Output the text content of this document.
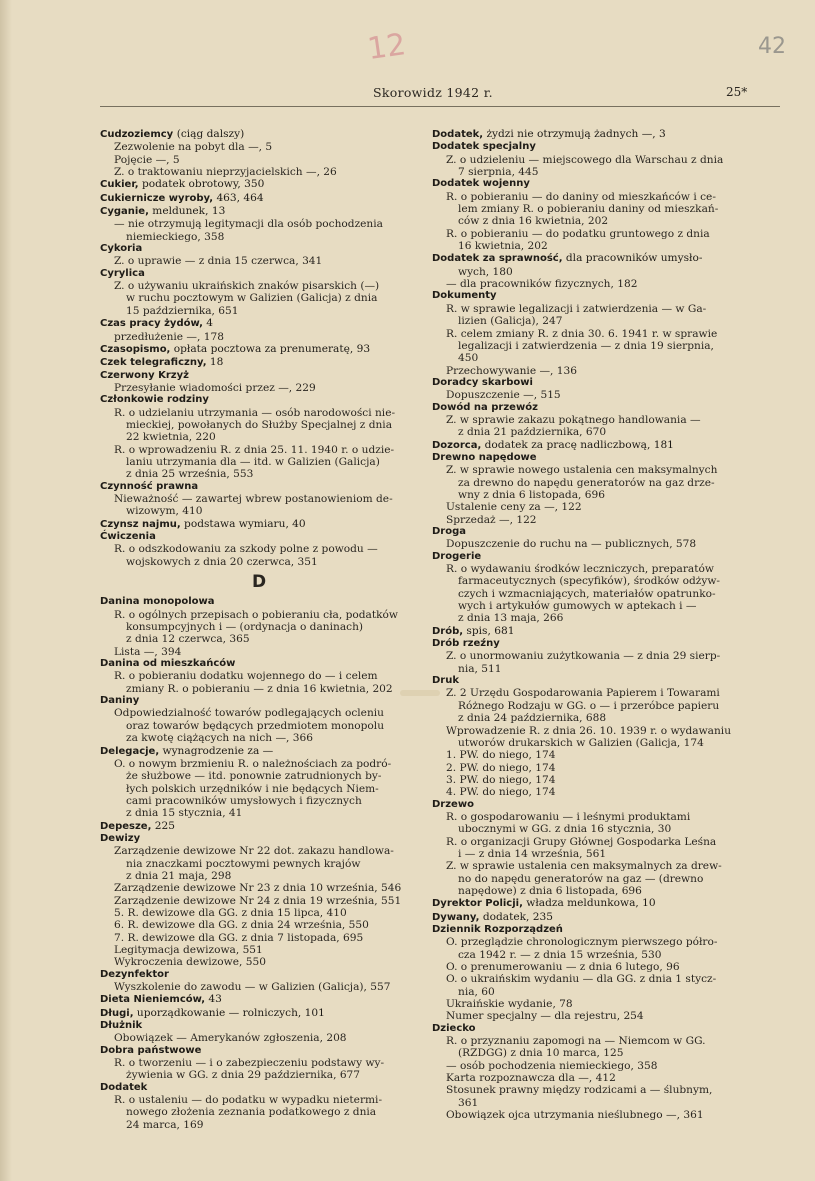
12	42
Skorowidz 1942 r.	25*
Cudzoziemcy (ciąg dalszy)
Zezwolenie na pobyt dla —, 5
Pojęcie —, 5
Z. o traktowaniu nieprzyjacielskich —, 26
Cukier, podatek obrotowy, 350
Cukiernicze wyroby, 463, 464
Cyganie, meldunek, 13
— nie otrzymują legitymacji dla osób pochodzenia
niemieckiego, 358
Cykoria
Z. o uprawie — z dnia 15 czerwca, 341
Cyrylica
Z. o używaniu ukraińskich znaków pisarskich (—)
w ruchu pocztowym w Galizien (Galicja) z dnia
15 października, 651
Czas pracy żydów, 4
przedłużenie —, 178
Czasopismo, opłata pocztowa za prenumeratę, 93
Czek telegraficzny, 18
Czerwony Krzyż
Przesyłanie wiadomości przez —, 229
Członkowie rodziny
R. o udzielaniu utrzymania — osób narodowości nie-
mieckiej, powołanych do Służby Specjalnej z dnia
22 kwietnia, 220
R. o wprowadzeniu R. z dnia 25. 11. 1940 r. o udzie-
laniu utrzymania dla — itd. w Galizien (Galicja)
z dnia 25 września, 553
Czynność prawna
Nieważność — zawartej wbrew postanowieniom de-
wizowym, 410
Czynsz najmu, podstawa wymiaru, 40
Ćwiczenia
R. o odszkodowaniu za szkody polne z powodu —
wojskowych z dnia 20 czerwca, 351
D
Danina monopolowa
R. o ogólnych przepisach o pobieraniu cła, podatków
konsumpcyjnych i — (ordynacja o daninach)
z dnia 12 czerwca, 365
Lista —, 394
Danina od mieszkańców
R. o pobieraniu dodatku wojennego do — i celem
zmiany R. o pobieraniu — z dnia 16 kwietnia, 202
Daniny
Odpowiedzialność towarów podlegających ocleniu
oraz towarów będących przedmiotem monopolu
za kwotę ciążących na nich —, 366
Delegacje, wynagrodzenie za —
O. o nowym brzmieniu R. o należnościach za podró-
że służbowe — itd. ponownie zatrudnionych by-
łych polskich urzędników i nie będących Niem-
cami pracowników umysłowych i fizycznych
z dnia 15 stycznia, 41
Depesze, 225
Dewizy
Zarządzenie dewizowe Nr 22 dot. zakazu handlowa-
nia znaczkami pocztowymi pewnych krajów
z dnia 21 maja, 298
Zarządzenie dewizowe Nr 23 z dnia 10 września, 546
Zarządzenie dewizowe Nr 24 z dnia 19 września, 551
5. R. dewizowe dla GG. z dnia 15 lipca, 410
6. R. dewizowe dla GG. z dnia 24 września, 550
7. R. dewizowe dla GG. z dnia 7 listopada, 695
Legitymacja dewizowa, 551
Wykroczenia dewizowe, 550
Dezynfektor
Wyszkolenie do zawodu — w Galizien (Galicja), 557
Dieta Nieniemców, 43
Długi, uporządkowanie — rolniczych, 101
Dłużnik
Obowiązek — Amerykanów zgłoszenia, 208
Dobra państwowe
R. o tworzeniu — i o zabezpieczeniu podstawy wy-
żywienia w GG. z dnia 29 października, 677
Dodatek
R. o ustaleniu — do podatku w wypadku nietermi-
nowego złożenia zeznania podatkowego z dnia
24 marca, 169
Dodatek, żydzi nie otrzymują żadnych —, 3
Dodatek specjalny
Z. o udzieleniu — miejscowego dla Warschau z dnia
7 sierpnia, 445
Dodatek wojenny
R. o pobieraniu — do daniny od mieszkańców i ce-
lem zmiany R. o pobieraniu daniny od mieszkań-
ców z dnia 16 kwietnia, 202
R. o pobieraniu — do podatku gruntowego z dnia
16 kwietnia, 202
Dodatek za sprawność, dla pracowników umysło-
wych, 180
— dla pracowników fizycznych, 182
Dokumenty
R. w sprawie legalizacji i zatwierdzenia — w Ga-
lizien (Galicja), 247
R. celem zmiany R. z dnia 30. 6. 1941 r. w sprawie
legalizacji i zatwierdzenia — z dnia 19 sierpnia,
450
Przechowywanie —, 136
Doradcy skarbowi
Dopuszczenie —, 515
Dowód na przewóz
Z. w sprawie zakazu pokątnego handlowania —
z dnia 21 października, 670
Dozorca, dodatek za pracę nadliczbową, 181
Drewno napędowe
Z. w sprawie nowego ustalenia cen maksymalnych
za drewno do napędu generatorów na gaz drze-
wny z dnia 6 listopada, 696
Ustalenie ceny za —, 122
Sprzedaż —, 122
Droga
Dopuszczenie do ruchu na — publicznych, 578
Drogerie
R. o wydawaniu środków leczniczych, preparatów
farmaceutycznych (specyfików), środków odżyw-
czych i wzmacniających, materiałów opatrunko-
wych i artykułów gumowych w aptekach i —
z dnia 13 maja, 266
Drób, spis, 681
Drób rzeźny
Z. o unormowaniu zużytkowania — z dnia 29 sierp-
nia, 511
Druk
Z. 2 Urzędu Gospodarowania Papierem i Towarami
Różnego Rodzaju w GG. o — i przeróbce papieru
z dnia 24 października, 688
Wprowadzenie R. z dnia 26. 10. 1939 r. o wydawaniu
utworów drukarskich w Galizien (Galicja, 174
1. PW. do niego, 174
2. PW. do niego, 174
3. PW. do niego, 174
4. PW. do niego, 174
Drzewo
R. o gospodarowaniu — i leśnymi produktami
ubocznymi w GG. z dnia 16 stycznia, 30
R. o organizacji Grupy Głównej Gospodarka Leśna
i — z dnia 14 września, 561
Z. w sprawie ustalenia cen maksymalnych za drew-
no do napędu generatorów na gaz — (drewno
napędowe) z dnia 6 listopada, 696
Dyrektor Policji, władza meldunkowa, 10
Dywany, dodatek, 235
Dziennik Rozporządzeń
O. przeglądzie chronologicznym pierwszego półro-
cza 1942 r. — z dnia 15 września, 530
O. o prenumerowaniu — z dnia 6 lutego, 96
O. o ukraińskim wydaniu — dla GG. z dnia 1 stycz-
nia, 60
Ukraińskie wydanie, 78
Numer specjalny — dla rejestru, 254
Dziecko
R. o przyznaniu zapomogi na — Niemcom w GG.
(RZDGG) z dnia 10 marca, 125
— osób pochodzenia niemieckiego, 358
Karta rozpoznawcza dla —, 412
Stosunek prawny między rodzicami a — ślubnym,
361
Obowiązek ojca utrzymania nieślubnego —, 361
